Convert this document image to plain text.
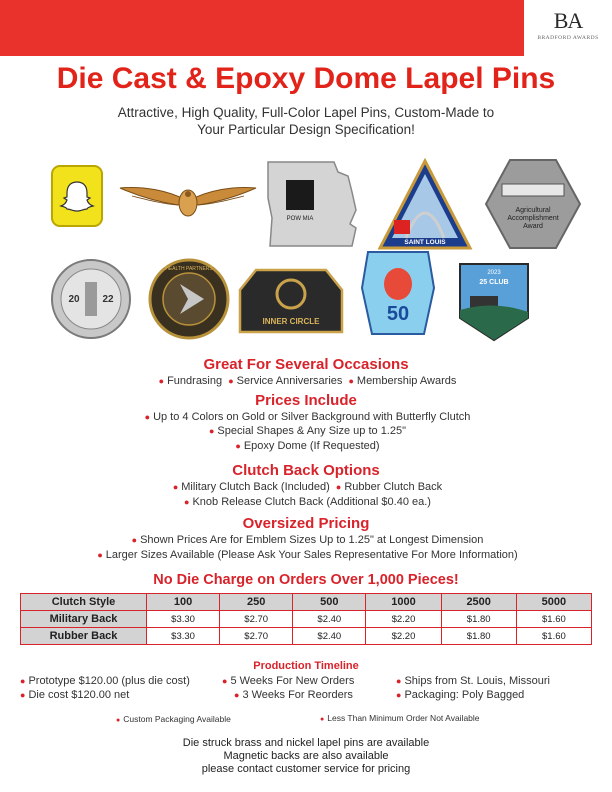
BA
BRADFORD AWARDS
Die Cast & Epoxy Dome Lapel Pins
Attractive, High Quality, Full-Color Lapel Pins, Custom-Made to
Your Particular Design Specification!
POW MIA
SAINT LOUIS
Agricultural
Accomplishment
Award
20 22
HEALTH PARTNERS
INNER CIRCLE	50
2023
25 CLUB
Great For Several Occasions
● Fundrasing ● Service Anniversaries ● Membership Awards
Prices Include
● Up to 4 Colors on Gold or Silver Background with Butterfly Clutch
● Special Shapes & Any Size up to 1.25"
● Epoxy Dome (If Requested)
Clutch Back Options
● Military Clutch Back (Included) ● Rubber Clutch Back
● Knob Release Clutch Back (Additional $0.40 ea.)
Oversized Pricing
● Shown Prices Are for Emblem Sizes Up to 1.25" at Longest Dimension
● Larger Sizes Available (Please Ask Your Sales Representative For More Information)
No Die Charge on Orders Over 1,000 Pieces!
Clutch Style	100	250	500	1000	2500	5000
Military Back	$3.30	$2.70	$2.40	$2.20	$1.80	$1.60
Rubber Back	$3.30	$2.70	$2.40	$2.20	$1.80	$1.60
Production Timeline
● Prototype $120.00 (plus die cost)
● Die cost $120.00 net
● 5 Weeks For New Orders
● 3 Weeks For Reorders
● Ships from St. Louis, Missouri
● Packaging: Poly Bagged
● Custom Packaging Available	● Less Than Minimum Order Not Available
Die struck brass and nickel lapel pins are available
Magnetic backs are also available
please contact customer service for pricing
